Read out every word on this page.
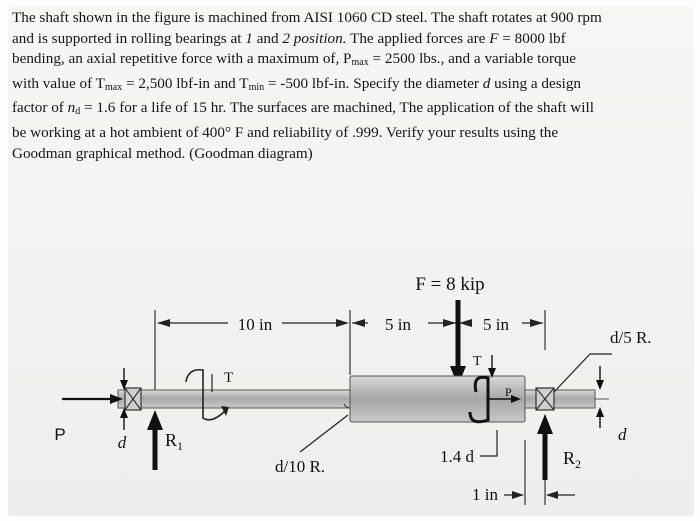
The shaft shown in the figure is machined from AISI 1060 CD steel. The shaft rotates at 900 rpm

and is supported in rolling bearings at 1 and 2 position. The applied forces are F = 8000 lbf

bending, an axial repetitive force with a maximum of, $P_{max} = 2500$ lbs., and a variable torque

with value of $T_{max} = 2,500$ lbf-in and $T_{min} = -500$ lbf-in. Specify the diameter d using a design

factor of $n_d = 1.6$ for a life of 15 hr. The surfaces are machined, The application of the shaft will

be working at a hot ambient of 400° F and reliability of .999. Verify your results using the

Goodman graphical method. (Goodman diagram)

10 in	5 in	5 in
F = 8 kip
P	d $R_1$
T
T
P
d/10 R.
1.4 d
1 in
$R_2$
d/5 R.
d
